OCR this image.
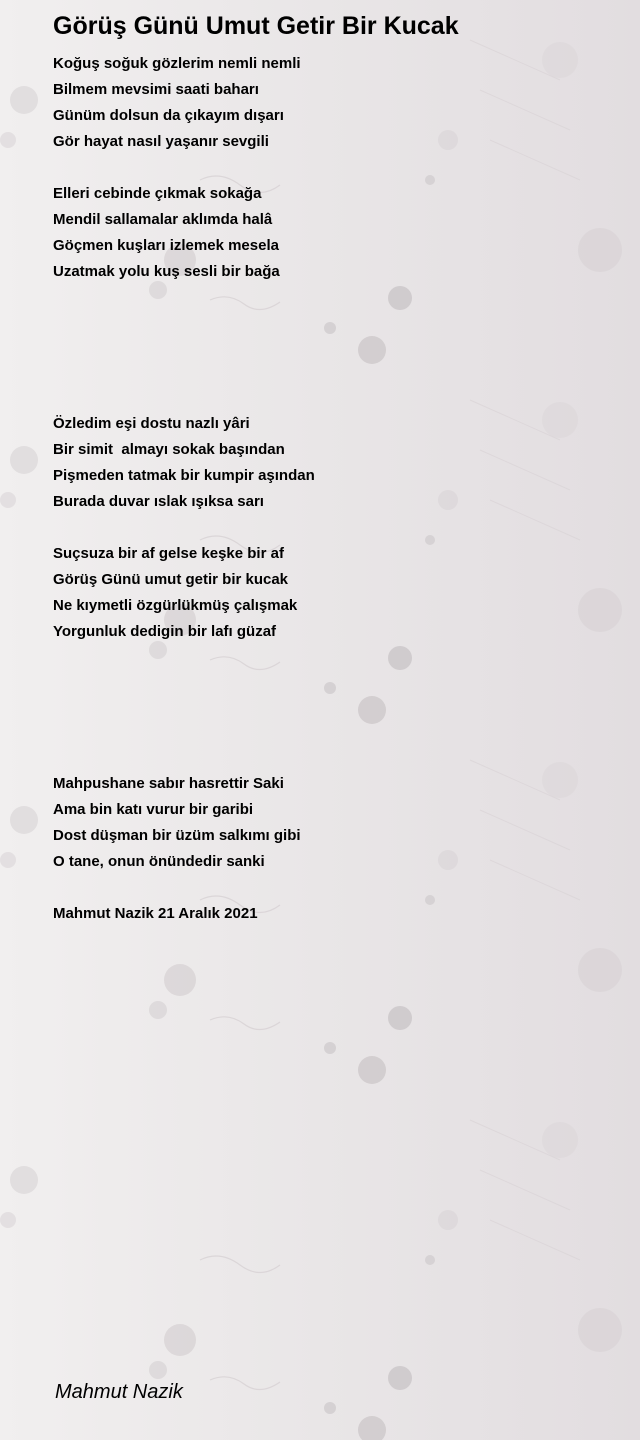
Görüş Günü Umut Getir Bir Kucak
Koğuş soğuk gözlerim nemli nemli
Bilmem mevsimi saati baharı
Günüm dolsun da çıkayım dışarı
Gör hayat nasıl yaşanır sevgili
Elleri cebinde çıkmak sokağa
Mendil sallamalar aklımda halâ
Göçmen kuşları izlemek mesela
Uzatmak yolu kuş sesli bir bağa
Özledim eşi dostu nazlı yâri
Bir simit  almayı sokak başından
Pişmeden tatmak bir kumpir aşından
Burada duvar ıslak ışıksa sarı
Suçsuza bir af gelse keşke bir af
Görüş Günü umut getir bir kucak
Ne kıymetli özgürlükmüş çalışmak
Yorgunluk dedigin bir lafı güzaf
Mahpushane sabır hasrettir Saki
Ama bin katı vurur bir garibi
Dost düşman bir üzüm salkımı gibi
O tane, onun önündedir sanki
Mahmut Nazik 21 Aralık 2021
Mahmut Nazik
